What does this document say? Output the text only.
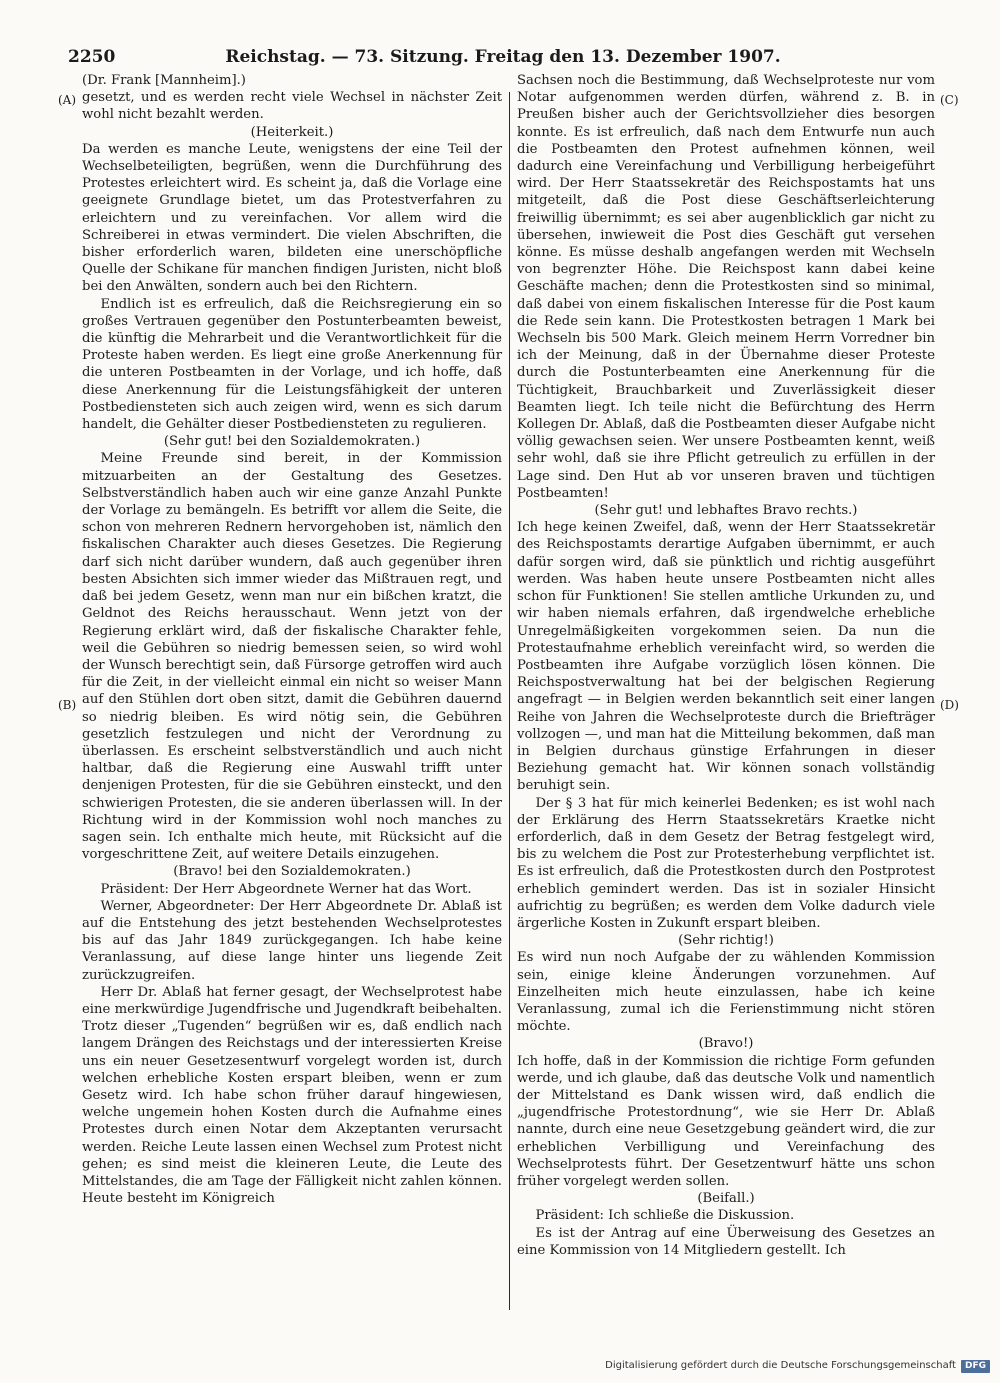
2250	Reichstag. — 73. Sitzung. Freitag den 13. Dezember 1907.
(A)
(B)
(C)
(D)

(Dr. Frank [Mannheim].)

gesetzt, und es werden recht viele Wechsel in nächster Zeit wohl nicht bezahlt werden.

(Heiterkeit.)

Da werden es manche Leute, wenigstens der eine Teil der Wechselbeteiligten, begrüßen, wenn die Durchführung des Protestes erleichtert wird. Es scheint ja, daß die Vorlage eine geeignete Grundlage bietet, um das Protestverfahren zu erleichtern und zu vereinfachen. Vor allem wird die Schreiberei in etwas vermindert. Die vielen Abschriften, die bisher erforderlich waren, bildeten eine unerschöpfliche Quelle der Schikane für manchen findigen Juristen, nicht bloß bei den Anwälten, sondern auch bei den Richtern.

Endlich ist es erfreulich, daß die Reichsregierung ein so großes Vertrauen gegenüber den Postunterbeamten beweist, die künftig die Mehrarbeit und die Verantwortlichkeit für die Proteste haben werden. Es liegt eine große Anerkennung für die unteren Postbeamten in der Vorlage, und ich hoffe, daß diese Anerkennung für die Leistungsfähigkeit der unteren Postbediensteten sich auch zeigen wird, wenn es sich darum handelt, die Gehälter dieser Postbediensteten zu regulieren.

(Sehr gut! bei den Sozialdemokraten.)

Meine Freunde sind bereit, in der Kommission mitzuarbeiten an der Gestaltung des Gesetzes. Selbstverständlich haben auch wir eine ganze Anzahl Punkte der Vorlage zu bemängeln. Es betrifft vor allem die Seite, die schon von mehreren Rednern hervorgehoben ist, nämlich den fiskalischen Charakter auch dieses Gesetzes. Die Regierung darf sich nicht darüber wundern, daß auch gegenüber ihren besten Absichten sich immer wieder das Mißtrauen regt, und daß bei jedem Gesetz, wenn man nur ein bißchen kratzt, die Geldnot des Reichs herausschaut. Wenn jetzt von der Regierung erklärt wird, daß der fiskalische Charakter fehle, weil die Gebühren so niedrig bemessen seien, so wird wohl der Wunsch berechtigt sein, daß Fürsorge getroffen wird auch für die Zeit, in der vielleicht einmal ein nicht so weiser Mann auf den Stühlen dort oben sitzt, damit die Gebühren dauernd so niedrig bleiben. Es wird nötig sein, die Gebühren gesetzlich festzulegen und nicht der Verordnung zu überlassen. Es erscheint selbstverständlich und auch nicht haltbar, daß die Regierung eine Auswahl trifft unter denjenigen Protesten, für die sie Gebühren einsteckt, und den schwierigen Protesten, die sie anderen überlassen will. In der Richtung wird in der Kommission wohl noch manches zu sagen sein. Ich enthalte mich heute, mit Rücksicht auf die vorgeschrittene Zeit, auf weitere Details einzugehen.

(Bravo! bei den Sozialdemokraten.)

Präsident: Der Herr Abgeordnete Werner hat das Wort.

Werner, Abgeordneter: Der Herr Abgeordnete Dr. Ablaß ist auf die Entstehung des jetzt bestehenden Wechselprotestes bis auf das Jahr 1849 zurückgegangen. Ich habe keine Veranlassung, auf diese lange hinter uns liegende Zeit zurückzugreifen.

Herr Dr. Ablaß hat ferner gesagt, der Wechselprotest habe eine merkwürdige Jugendfrische und Jugendkraft beibehalten. Trotz dieser „Tugenden“ begrüßen wir es, daß endlich nach langem Drängen des Reichstags und der interessierten Kreise uns ein neuer Gesetzesentwurf vorgelegt worden ist, durch welchen erhebliche Kosten erspart bleiben, wenn er zum Gesetz wird. Ich habe schon früher darauf hingewiesen, welche ungemein hohen Kosten durch die Aufnahme eines Protestes durch einen Notar dem Akzeptanten verursacht werden. Reiche Leute lassen einen Wechsel zum Protest nicht gehen; es sind meist die kleineren Leute, die Leute des Mittelstandes, die am Tage der Fälligkeit nicht zahlen können. Heute besteht im Königreich

Sachsen noch die Bestimmung, daß Wechselproteste nur vom Notar aufgenommen werden dürfen, während z. B. in Preußen bisher auch der Gerichtsvollzieher dies besorgen konnte. Es ist erfreulich, daß nach dem Entwurfe nun auch die Postbeamten den Protest aufnehmen können, weil dadurch eine Vereinfachung und Verbilligung herbeigeführt wird. Der Herr Staatssekretär des Reichspostamts hat uns mitgeteilt, daß die Post diese Geschäftserleichterung freiwillig übernimmt; es sei aber augenblicklich gar nicht zu übersehen, inwieweit die Post dies Geschäft gut versehen könne. Es müsse deshalb angefangen werden mit Wechseln von begrenzter Höhe. Die Reichspost kann dabei keine Geschäfte machen; denn die Protestkosten sind so minimal, daß dabei von einem fiskalischen Interesse für die Post kaum die Rede sein kann. Die Protestkosten betragen 1 Mark bei Wechseln bis 500 Mark. Gleich meinem Herrn Vorredner bin ich der Meinung, daß in der Übernahme dieser Proteste durch die Postunterbeamten eine Anerkennung für die Tüchtigkeit, Brauchbarkeit und Zuverlässigkeit dieser Beamten liegt. Ich teile nicht die Befürchtung des Herrn Kollegen Dr. Ablaß, daß die Postbeamten dieser Aufgabe nicht völlig gewachsen seien. Wer unsere Postbeamten kennt, weiß sehr wohl, daß sie ihre Pflicht getreulich zu erfüllen in der Lage sind. Den Hut ab vor unseren braven und tüchtigen Postbeamten!

(Sehr gut! und lebhaftes Bravo rechts.)

Ich hege keinen Zweifel, daß, wenn der Herr Staatssekretär des Reichspostamts derartige Aufgaben übernimmt, er auch dafür sorgen wird, daß sie pünktlich und richtig ausgeführt werden. Was haben heute unsere Postbeamten nicht alles schon für Funktionen! Sie stellen amtliche Urkunden zu, und wir haben niemals erfahren, daß irgendwelche erhebliche Unregelmäßigkeiten vorgekommen seien. Da nun die Protestaufnahme erheblich vereinfacht wird, so werden die Postbeamten ihre Aufgabe vorzüglich lösen können. Die Reichspostverwaltung hat bei der belgischen Regierung angefragt — in Belgien werden bekanntlich seit einer langen Reihe von Jahren die Wechselproteste durch die Briefträger vollzogen —, und man hat die Mitteilung bekommen, daß man in Belgien durchaus günstige Erfahrungen in dieser Beziehung gemacht hat. Wir können sonach vollständig beruhigt sein.

Der § 3 hat für mich keinerlei Bedenken; es ist wohl nach der Erklärung des Herrn Staatssekretärs Kraetke nicht erforderlich, daß in dem Gesetz der Betrag festgelegt wird, bis zu welchem die Post zur Protesterhebung verpflichtet ist. Es ist erfreulich, daß die Protestkosten durch den Postprotest erheblich gemindert werden. Das ist in sozialer Hinsicht aufrichtig zu begrüßen; es werden dem Volke dadurch viele ärgerliche Kosten in Zukunft erspart bleiben.

(Sehr richtig!)

Es wird nun noch Aufgabe der zu wählenden Kommission sein, einige kleine Änderungen vorzunehmen. Auf Einzelheiten mich heute einzulassen, habe ich keine Veranlassung, zumal ich die Ferienstimmung nicht stören möchte.

(Bravo!)

Ich hoffe, daß in der Kommission die richtige Form gefunden werde, und ich glaube, daß das deutsche Volk und namentlich der Mittelstand es Dank wissen wird, daß endlich die „jugendfrische Protestordnung“, wie sie Herr Dr. Ablaß nannte, durch eine neue Gesetzgebung geändert wird, die zur erheblichen Verbilligung und Vereinfachung des Wechselprotests führt. Der Gesetzentwurf hätte uns schon früher vorgelegt werden sollen.

(Beifall.)

Präsident: Ich schließe die Diskussion.

Es ist der Antrag auf eine Überweisung des Gesetzes an eine Kommission von 14 Mitgliedern gestellt. Ich

Digitalisierung gefördert durch die Deutsche Forschungsgemeinschaft	DFG
